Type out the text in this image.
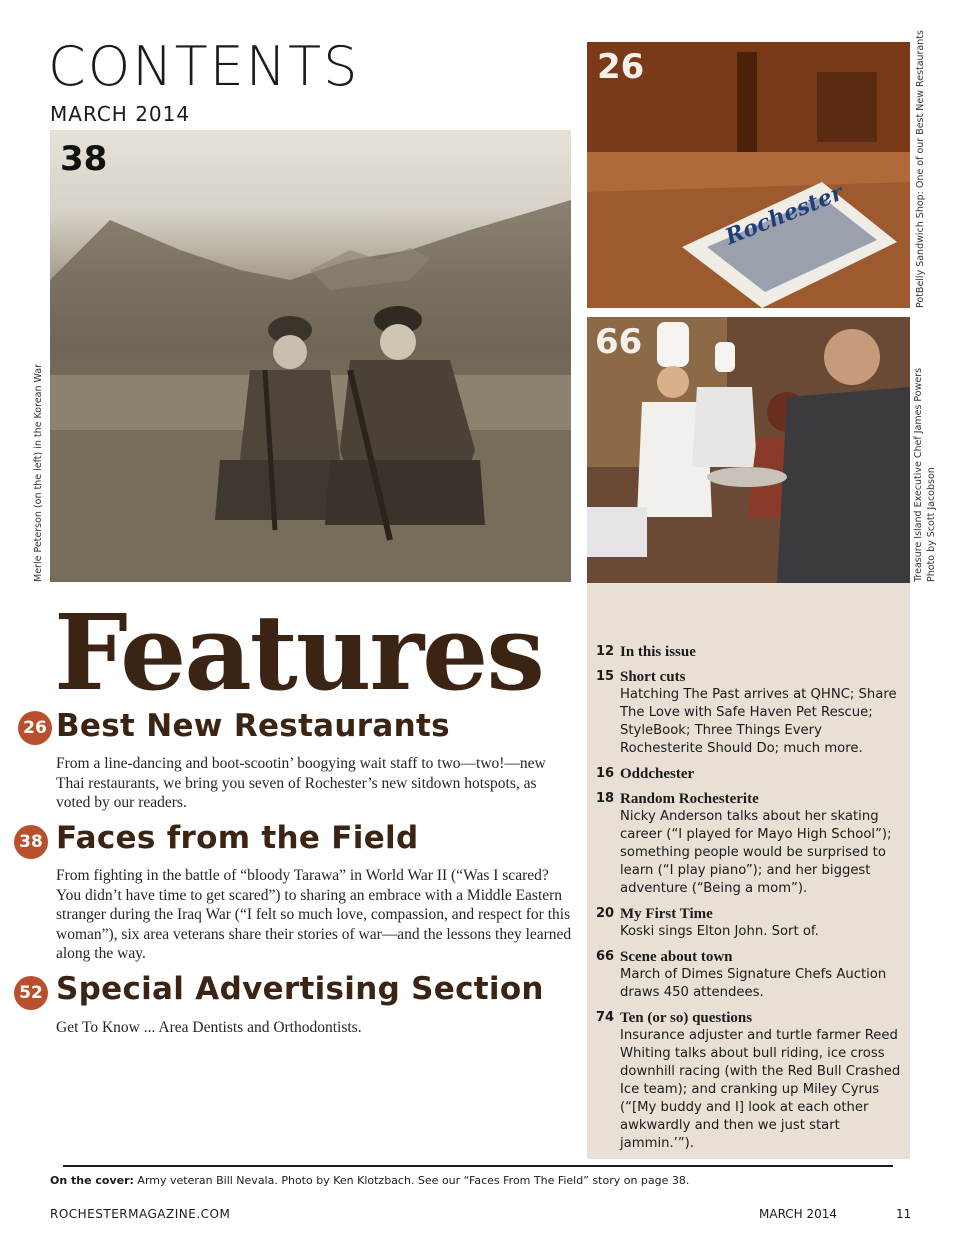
CONTENTS
MARCH 2014
38
Merle Peterson (on the left) in the Korean War
26
Rochester	PotBelly Sandwich Shop: One of our Best New Restaurants
66
Treasure Island Executive Chef James Powers Photo by Scott Jacobson
Features
26 Best New Restaurants

From a line-dancing and boot-scootin’ boogying wait staff to two—two!—new Thai restaurants, we bring you seven of Rochester’s new sitdown hotspots, as voted by our readers.

38 Faces from the Field

From fighting in the battle of “bloody Tarawa” in World War II (“Was I scared? You didn’t have time to get scared”) to sharing an embrace with a Middle Eastern stranger during the Iraq War (“I felt so much love, compassion, and respect for this woman”), six area veterans share their stories of war—and the lessons they learned along the way.

52 Special Advertising Section

Get To Know ... Area Dentists and Orthodontists.

12 In this issue
15 Short cuts
Hatching The Past arrives at QHNC; Share The Love with Safe Haven Pet Rescue; StyleBook; Three Things Every Rochesterite Should Do; much more.
16 Oddchester
18 Random Rochesterite
Nicky Anderson talks about her skating career (“I played for Mayo High School”); something people would be surprised to learn (“I play piano”); and her biggest adventure (“Being a mom”).
20 My First Time
Koski sings Elton John. Sort of.
66 Scene about town
March of Dimes Signature Chefs Auction draws 450 attendees.
74 Ten (or so) questions
Insurance adjuster and turtle farmer Reed Whiting talks about bull riding, ice cross downhill racing (with the Red Bull Crashed Ice team); and cranking up Miley Cyrus (“[My buddy and I] look at each other awkwardly and then we just start jammin.’”).
On the cover: Army veteran Bill Nevala. Photo by Ken Klotzbach. See our “Faces From The Field” story on page 38.
ROCHESTERMAGAZINE.COM	MARCH 2014	11
